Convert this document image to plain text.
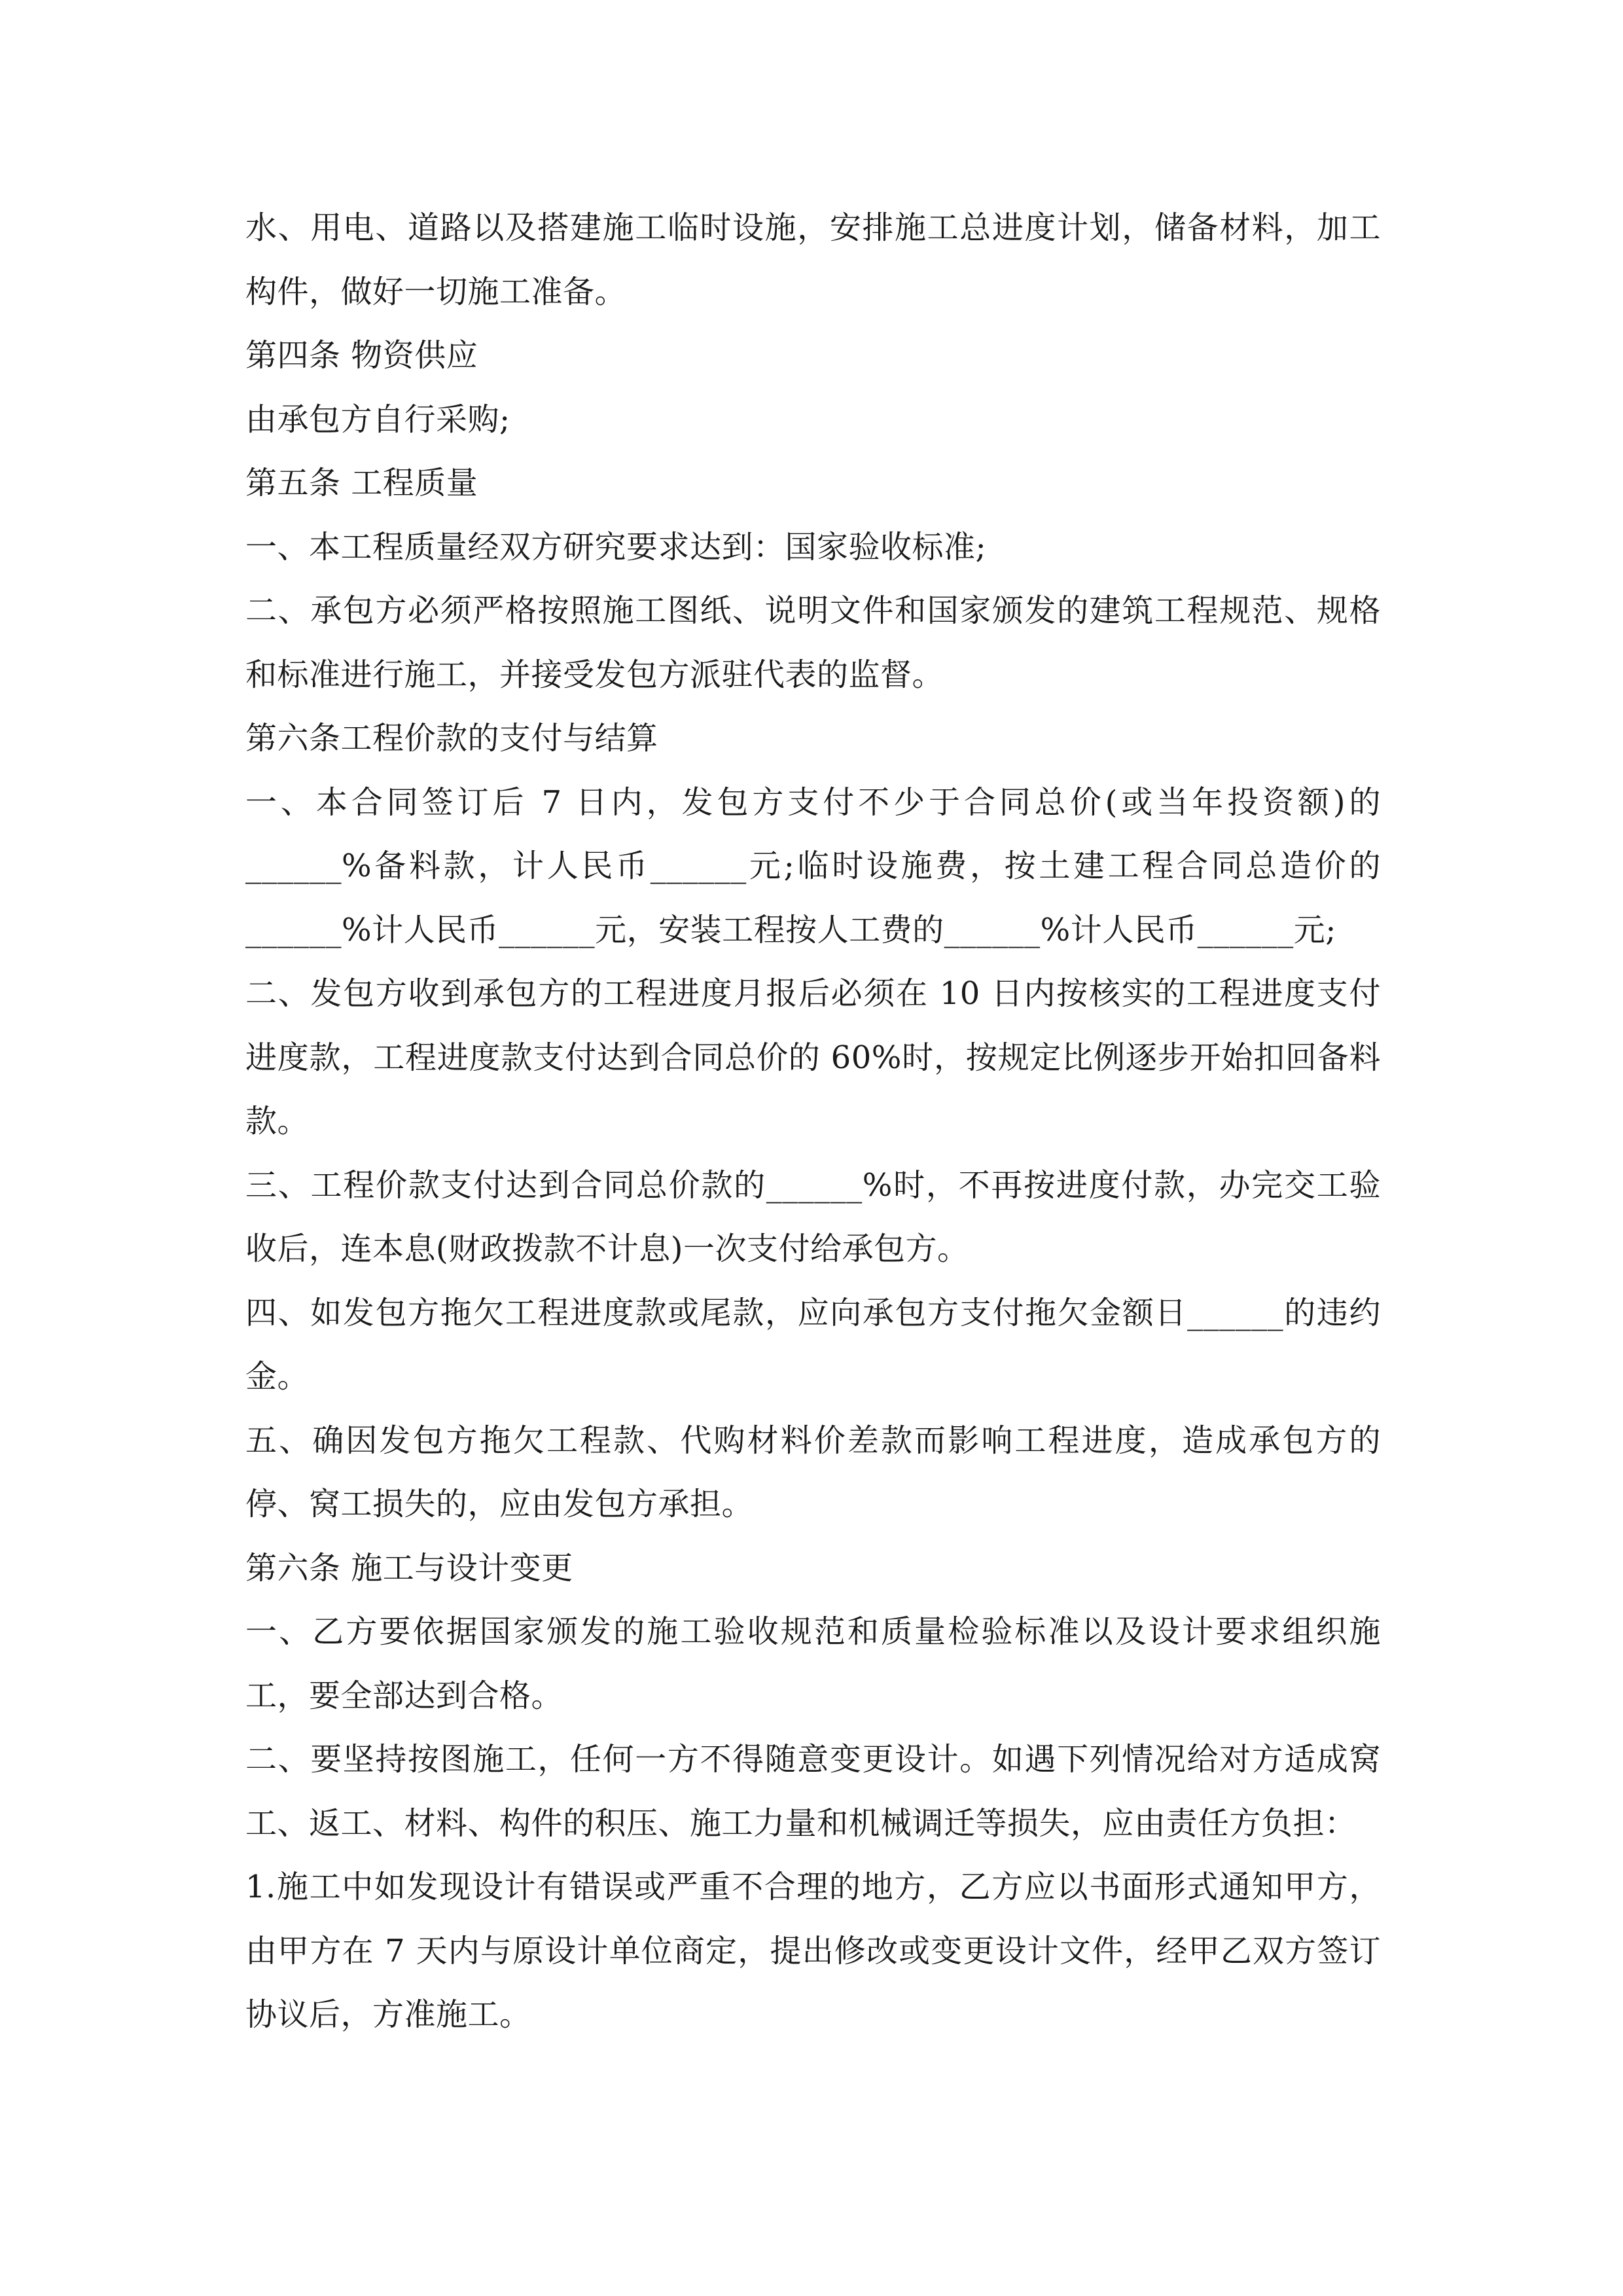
水、用电、道路以及搭建施工临时设施，安排施工总进度计划，储备材料，加工构件，做好一切施工准备。

第四条 物资供应

由承包方自行采购;

第五条 工程质量

一、本工程质量经双方研究要求达到：国家验收标准;

二、承包方必须严格按照施工图纸、说明文件和国家颁发的建筑工程规范、规格和标准进行施工，并接受发包方派驻代表的监督。

第六条工程价款的支付与结算

一、本合同签订后 7 日内，发包方支付不少于合同总价(或当年投资额)的______%备料款，计人民币______元;临时设施费，按土建工程合同总造价的______%计人民币______元，安装工程按人工费的______%计人民币______元;

二、发包方收到承包方的工程进度月报后必须在 10 日内按核实的工程进度支付进度款，工程进度款支付达到合同总价的 60%时，按规定比例逐步开始扣回备料款。

三、工程价款支付达到合同总价款的______%时，不再按进度付款，办完交工验收后，连本息(财政拨款不计息)一次支付给承包方。

四、如发包方拖欠工程进度款或尾款，应向承包方支付拖欠金额日______的违约金。

五、确因发包方拖欠工程款、代购材料价差款而影响工程进度，造成承包方的停、窝工损失的，应由发包方承担。

第六条 施工与设计变更

一、乙方要依据国家颁发的施工验收规范和质量检验标准以及设计要求组织施工，要全部达到合格。

二、要坚持按图施工，任何一方不得随意变更设计。如遇下列情况给对方适成窝工、返工、材料、构件的积压、施工力量和机械调迁等损失，应由责任方负担：

1.施工中如发现设计有错误或严重不合理的地方，乙方应以书面形式通知甲方，由甲方在 7 天内与原设计单位商定，提出修改或变更设计文件，经甲乙双方签订协议后，方准施工。
